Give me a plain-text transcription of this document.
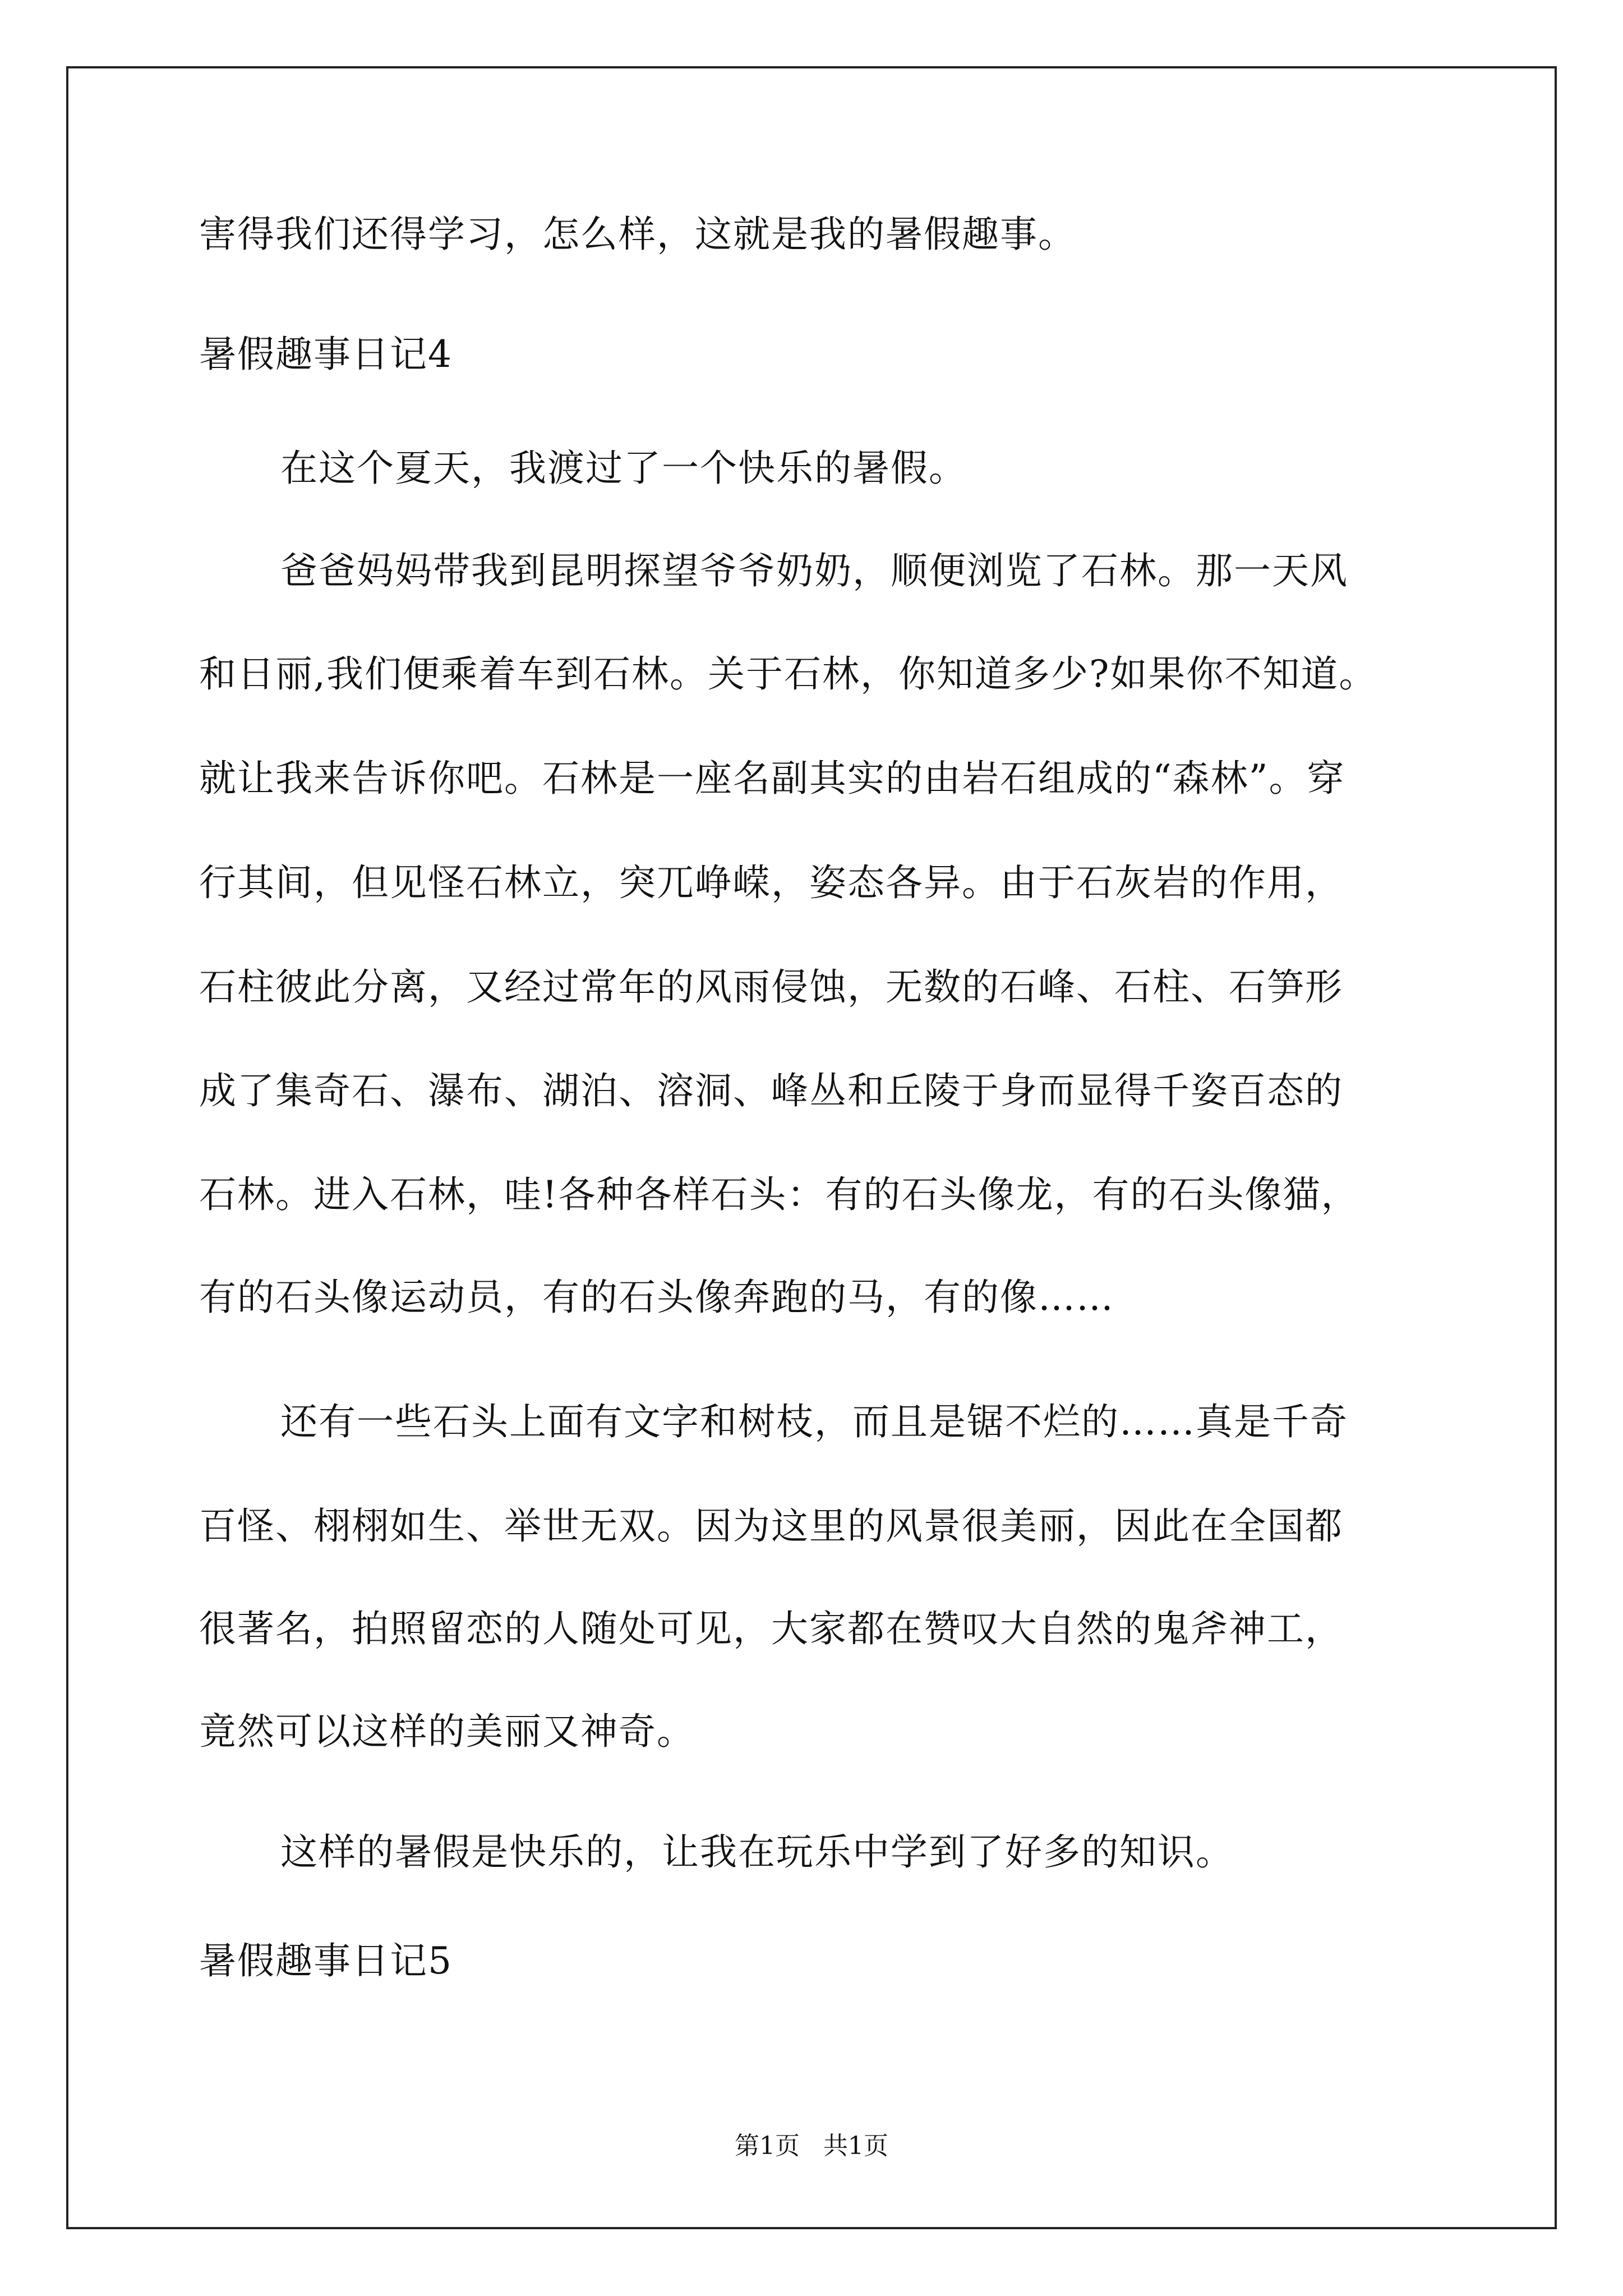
害得我们还得学习，怎么样，这就是我的暑假趣事。
暑假趣事日记4
在这个夏天，我渡过了一个快乐的暑假。
爸爸妈妈带我到昆明探望爷爷奶奶，顺便浏览了石林。那一天风
和日丽,我们便乘着车到石林。关于石林，你知道多少?如果你不知道。
就让我来告诉你吧。石林是一座名副其实的由岩石组成的“森林”。穿
行其间，但见怪石林立，突兀峥嵘，姿态各异。由于石灰岩的作用，
石柱彼此分离，又经过常年的风雨侵蚀，无数的石峰、石柱、石笋形
成了集奇石、瀑布、湖泊、溶洞、峰丛和丘陵于身而显得千姿百态的
石林。进入石林，哇!各种各样石头：有的石头像龙，有的石头像猫，
有的石头像运动员，有的石头像奔跑的马，有的像……
还有一些石头上面有文字和树枝，而且是锯不烂的……真是千奇
百怪、栩栩如生、举世无双。因为这里的风景很美丽，因此在全国都
很著名，拍照留恋的人随处可见，大家都在赞叹大自然的鬼斧神工，
竟然可以这样的美丽又神奇。
这样的暑假是快乐的，让我在玩乐中学到了好多的知识。
暑假趣事日记5
第1页   共1页
